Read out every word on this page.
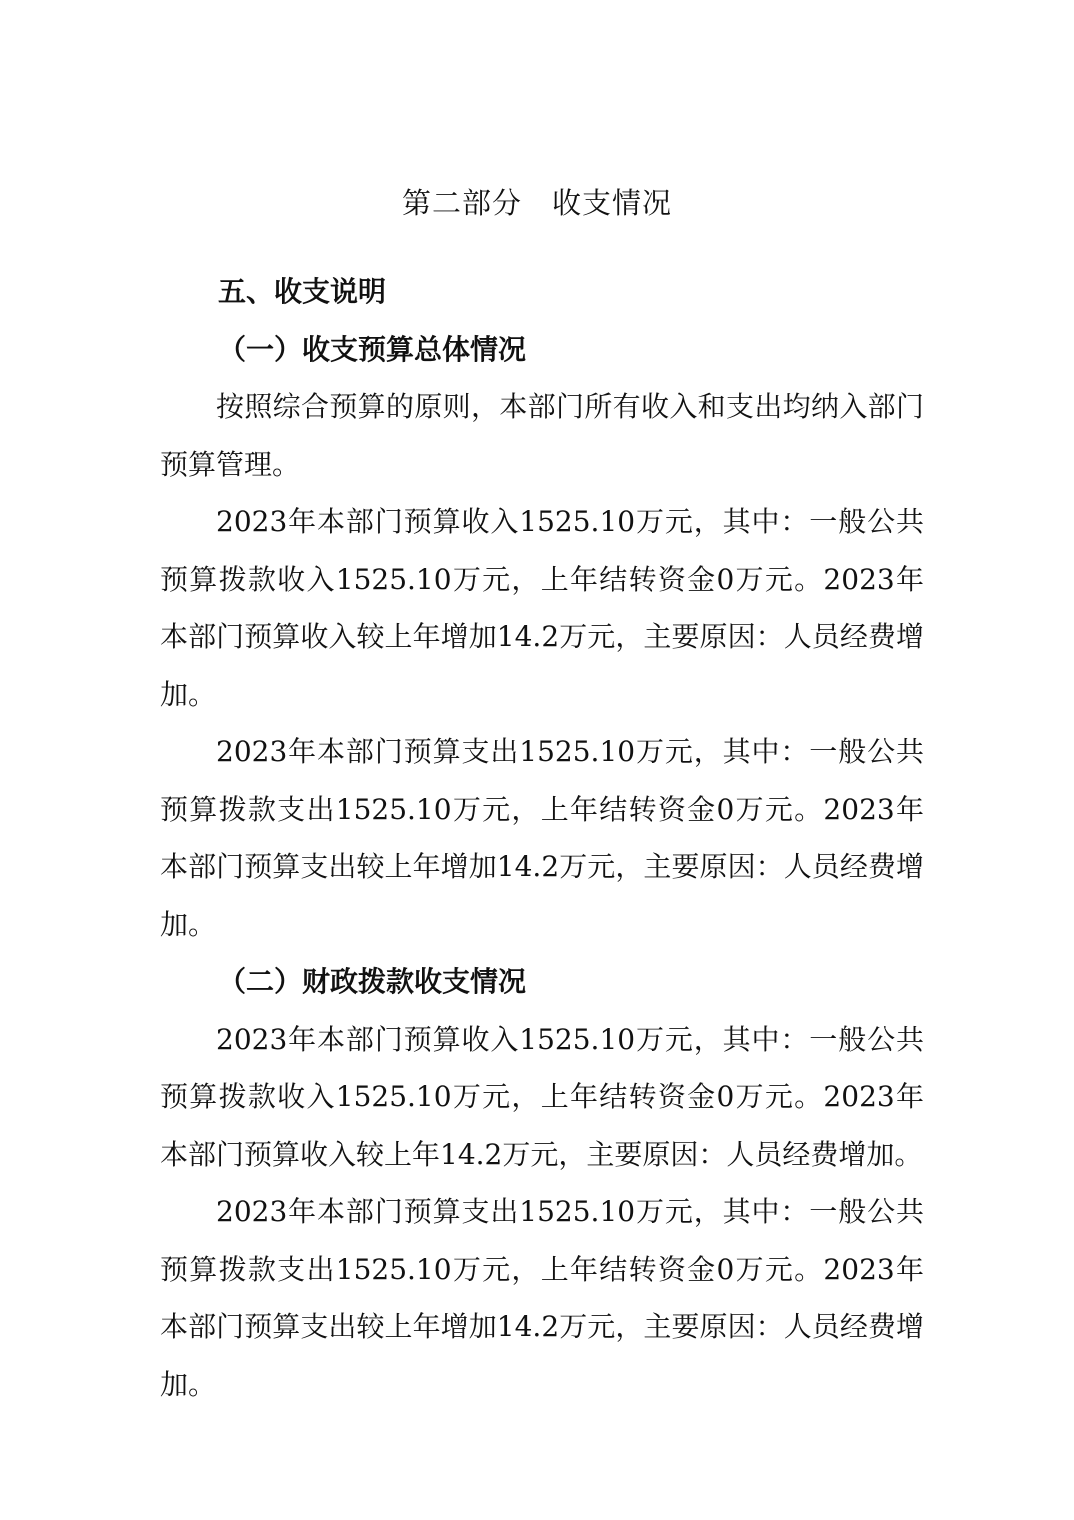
第二部分　收支情况
五、收支说明
（一）收支预算总体情况

按照综合预算的原则，本部门所有收入和支出均纳入部门预算管理。

2023年本部门预算收入1525.10万元，其中：一般公共预算拨款收入1525.10万元，上年结转资金0万元。2023年本部门预算收入较上年增加14.2万元，主要原因：人员经费增加。

2023年本部门预算支出1525.10万元，其中：一般公共预算拨款支出1525.10万元，上年结转资金0万元。2023年本部门预算支出较上年增加14.2万元，主要原因：人员经费增加。

（二）财政拨款收支情况

2023年本部门预算收入1525.10万元，其中：一般公共预算拨款收入1525.10万元，上年结转资金0万元。2023年本部门预算收入较上年14.2万元，主要原因：人员经费增加。

2023年本部门预算支出1525.10万元，其中：一般公共预算拨款支出1525.10万元，上年结转资金0万元。2023年本部门预算支出较上年增加14.2万元，主要原因：人员经费增加。
